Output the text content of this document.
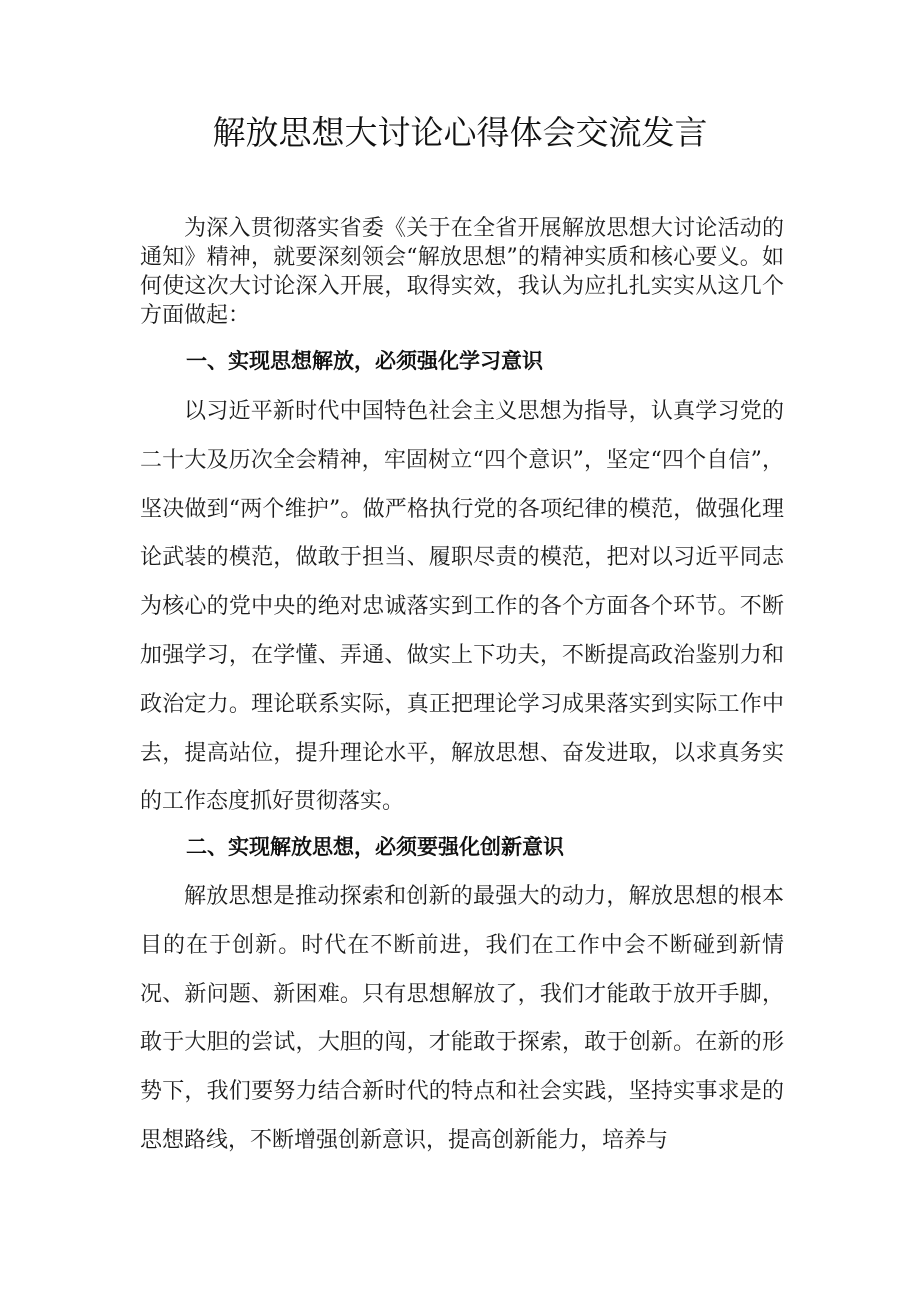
解放思想大讨论心得体会交流发言

为深入贯彻落实省委《关于在全省开展解放思想大讨论活动的通知》精神，就要深刻领会“解放思想”的精神实质和核心要义。如何使这次大讨论深入开展，取得实效，我认为应扎扎实实从这几个方面做起：

一、实现思想解放，必须强化学习意识

以习近平新时代中国特色社会主义思想为指导，认真学习党的二十大及历次全会精神，牢固树立“四个意识”，坚定“四个自信”，坚决做到“两个维护”。做严格执行党的各项纪律的模范，做强化理论武装的模范，做敢于担当、履职尽责的模范，把对以习近平同志为核心的党中央的绝对忠诚落实到工作的各个方面各个环节。不断加强学习，在学懂、弄通、做实上下功夫，不断提高政治鉴别力和政治定力。理论联系实际，真正把理论学习成果落实到实际工作中去，提高站位，提升理论水平，解放思想、奋发进取，以求真务实的工作态度抓好贯彻落实。

二、实现解放思想，必须要强化创新意识

解放思想是推动探索和创新的最强大的动力，解放思想的根本目的在于创新。时代在不断前进，我们在工作中会不断碰到新情况、新问题、新困难。只有思想解放了，我们才能敢于放开手脚，敢于大胆的尝试，大胆的闯，才能敢于探索，敢于创新。在新的形势下，我们要努力结合新时代的特点和社会实践，坚持实事求是的思想路线，不断增强创新意识，提高创新能力，培养与
